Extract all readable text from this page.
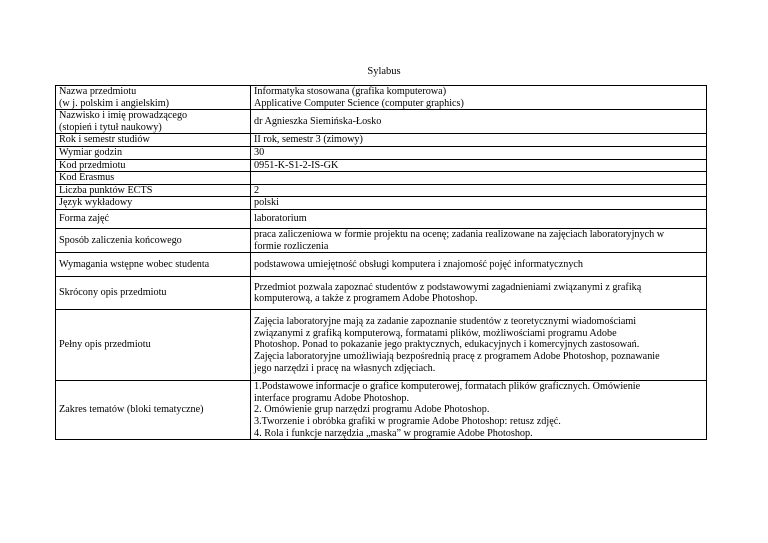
Sylabus
Nazwa przedmiotu
(w j. polskim i angielskim)	Informatyka stosowana (grafika komputerowa)
Applicative Computer Science (computer graphics)

Nazwisko i imię prowadzącego
(stopień i tytuł naukowy)	dr Agnieszka Siemińska-Łosko
Rok i semestr studiów	II rok, semestr 3 (zimowy)
Wymiar godzin	30
Kod przedmiotu	0951-K-S1-2-IS-GK
Kod Erasmus	
Liczba punktów ECTS	2
Język wykładowy	polski
Forma zajęć	laboratorium
Sposób zaliczenia końcowego	praca zaliczeniowa w formie projektu na ocenę; zadania realizowane na zajęciach laboratoryjnych w
formie rozliczenia

Wymagania wstępne wobec studenta	podstawowa umiejętność obsługi komputera i znajomość pojęć informatycznych
Skrócony opis przedmiotu	Przedmiot pozwala zapoznać studentów z podstawowymi zagadnieniami związanymi z grafiką
komputerową, a także z programem Adobe Photoshop.

Pełny opis przedmiotu	Zajęcia laboratoryjne mają za zadanie zapoznanie studentów z teoretycznymi wiadomościami
związanymi z grafiką komputerową, formatami plików, możliwościami programu Adobe
Photoshop. Ponad to pokazanie jego praktycznych, edukacyjnych i komercyjnych zastosowań.
Zajęcia laboratoryjne umożliwiają bezpośrednią pracę z programem Adobe Photoshop, poznawanie
jego narzędzi i pracę na własnych zdjęciach.

Zakres tematów (bloki tematyczne)	1.Podstawowe informacje o grafice komputerowej, formatach plików graficznych. Omówienie
interface programu Adobe Photoshop.
2. Omówienie grup narzędzi programu Adobe Photoshop.
3.Tworzenie i obróbka grafiki w programie Adobe Photoshop: retusz zdjęć.
4. Rola i funkcje narzędzia „maska” w programie Adobe Photoshop.
